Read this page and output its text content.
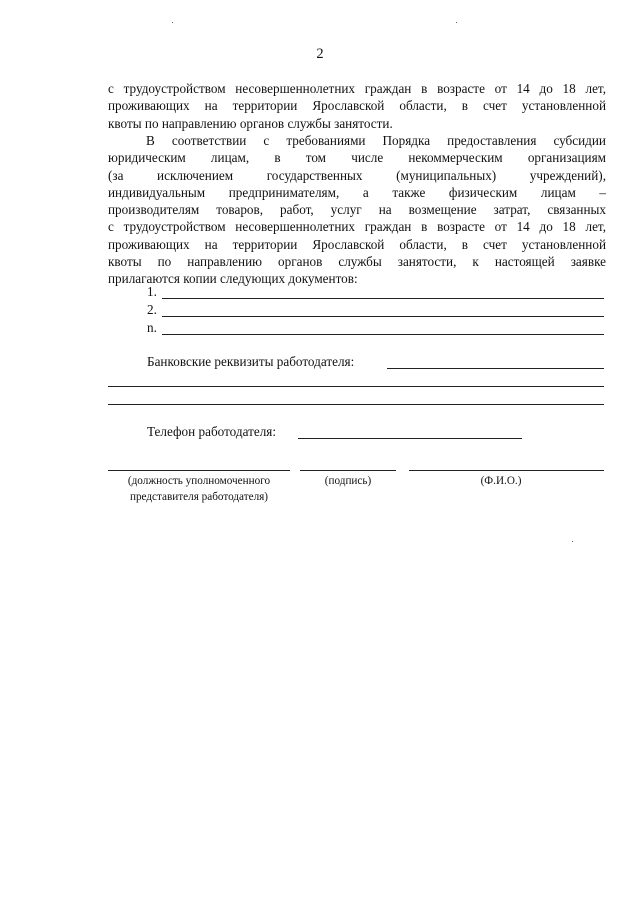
2
с трудоустройством несовершеннолетних граждан в возрасте от 14 до 18 лет,
проживающих на территории Ярославской области, в счет установленной
квоты по направлению органов службы занятости.
В соответствии с требованиями Порядка предоставления субсидии
юридическим лицам, в том числе некоммерческим организациям
(за исключением государственных (муниципальных) учреждений),
индивидуальным предпринимателям, а также физическим лицам –
производителям товаров, работ, услуг на возмещение затрат, связанных
с трудоустройством несовершеннолетних граждан в возрасте от 14 до 18 лет,
проживающих на территории Ярославской области, в счет установленной
квоты по направлению органов службы занятости, к настоящей заявке
прилагаются копии следующих документов:
1.
2.
n.
Банковские реквизиты работодателя:
Телефон работодателя:
(должность уполномоченного представителя работодателя)
(подпись)	(Ф.И.О.)
